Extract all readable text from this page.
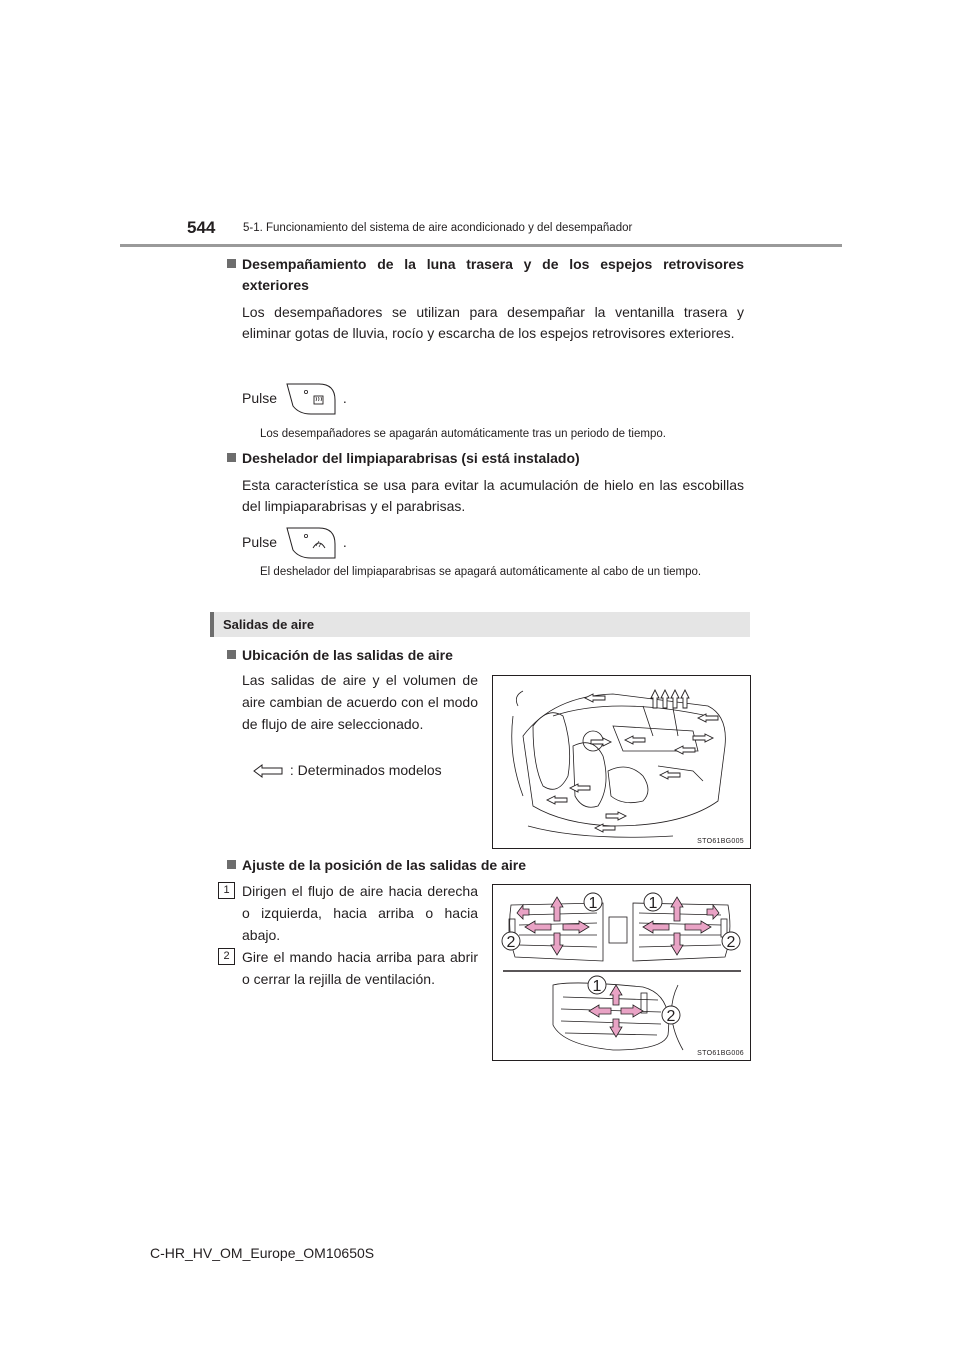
544 5-1. Funcionamiento del sistema de aire acondicionado y del desempañador
Desempañamiento de la luna trasera y de los espejos retrovisores exteriores
Los desempañadores se utilizan para desempañar la ventanilla trasera y eliminar gotas de lluvia, rocío y escarcha de los espejos retrovisores exteriores.
Pulse	.
Los desempañadores se apagarán automáticamente tras un periodo de tiempo.
Deshelador del limpiaparabrisas (si está instalado)
Esta característica se usa para evitar la acumulación de hielo en las escobillas del limpiaparabrisas y el parabrisas.
Pulse	.
El deshelador del limpiaparabrisas se apagará automáticamente al cabo de un tiempo.
Salidas de aire
Ubicación de las salidas de aire
Las salidas de aire y el volumen de aire cambian de acuerdo con el modo de flujo de aire seleccionado.
: Determinados modelos
STO61BG005
Ajuste de la posición de las salidas de aire
1 Dirigen el flujo de aire hacia derecha o izquierda, hacia arriba o hacia abajo.
2 Gire el mando hacia arriba para abrir o cerrar la rejilla de ventilación.
1	1
2	2
1
2
STO61BG006
C-HR_HV_OM_Europe_OM10650S
